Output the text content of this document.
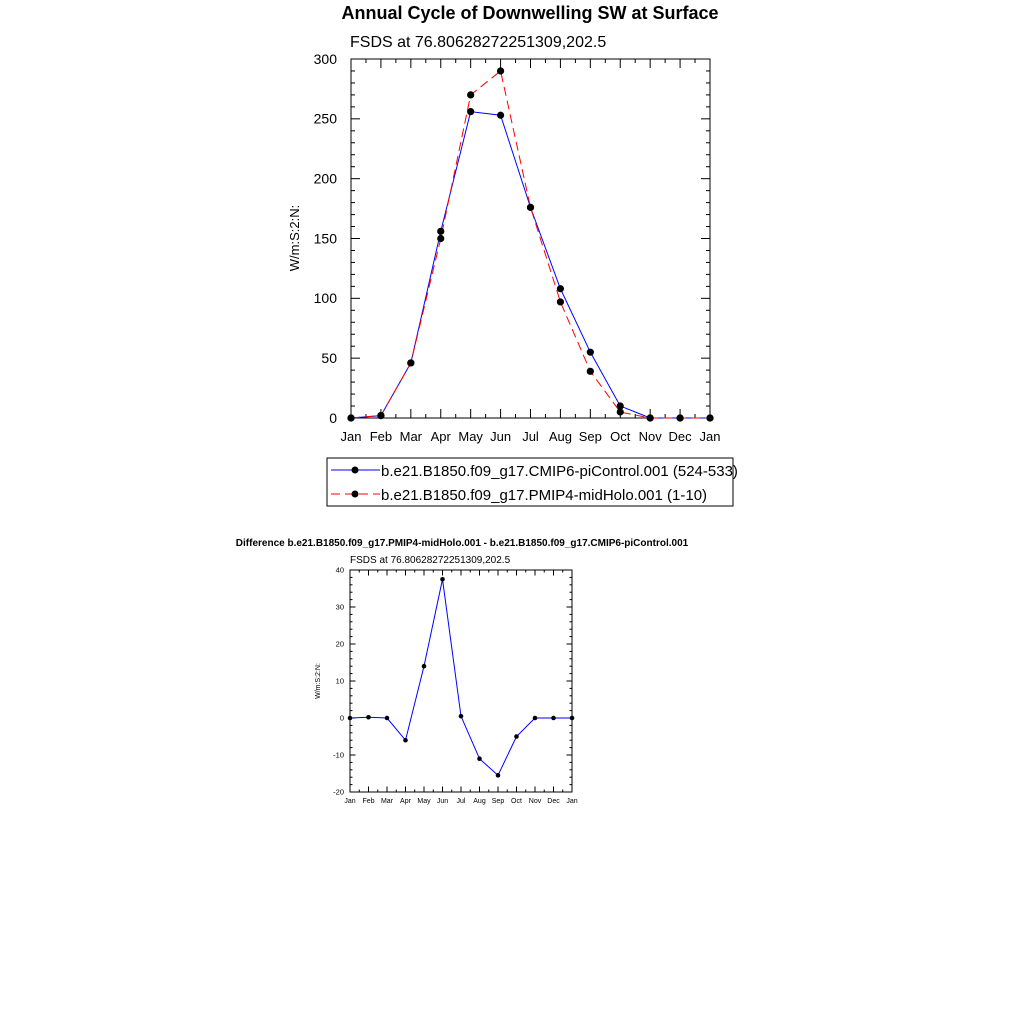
Annual Cycle of Downwelling SW at Surface
FSDS at 76.80628272251309,202.5
W/m:S:2:N:
0
50
100
150
200
250
300
Jan Feb Mar Apr May Jun Jul Aug Sep Oct Nov Dec Jan
b.e21.B1850.f09_g17.CMIP6-piControl.001 (524-533)
b.e21.B1850.f09_g17.PMIP4-midHolo.001 (1-10)
Difference b.e21.B1850.f09_g17.PMIP4-midHolo.001 - b.e21.B1850.f09_g17.CMIP6-piControl.001
FSDS at 76.80628272251309,202.5
W/m:S:2:N:
-20
-10
0
10
20
30
40
Jan Feb Mar Apr May Jun Jul Aug Sep Oct Nov Dec Jan
